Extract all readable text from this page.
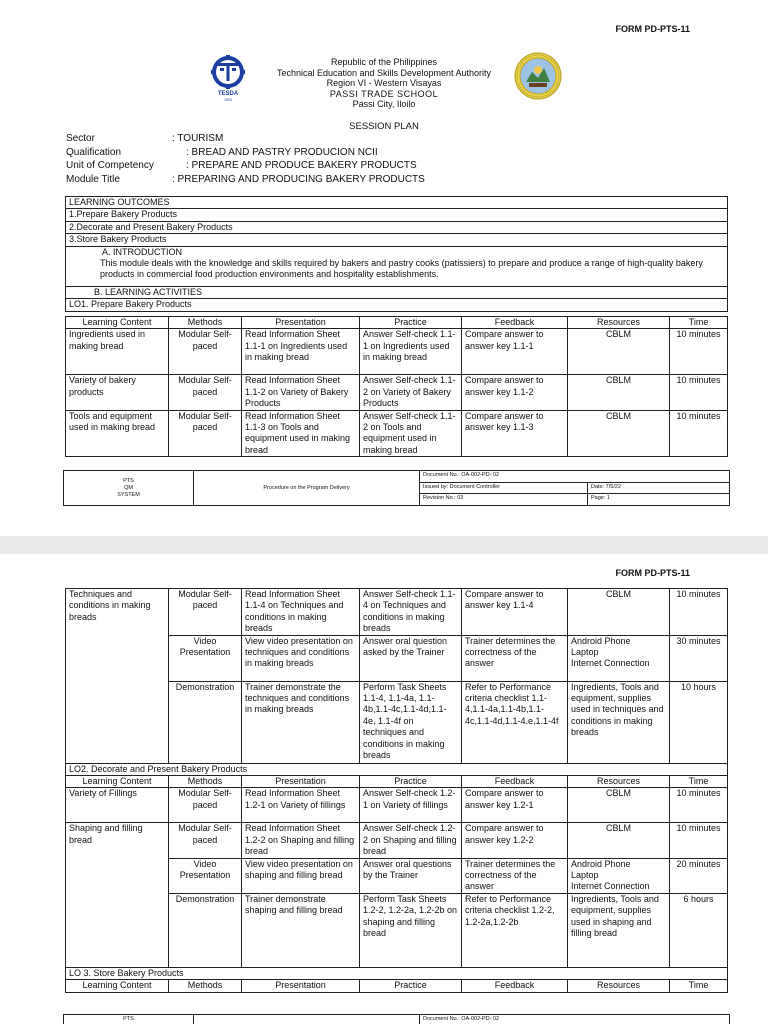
FORM PD-PTS-11
TESDA
1993
Republic of the Philippines
Technical Education and Skills Development Authority
Region VI - Western Visayas
PASSI TRADE SCHOOL
Passi City, Iloilo
SESSION PLAN
Sector	: TOURISM
Qualification	: BREAD AND PASTRY PRODUCION NCII
Unit of Competency	: PREPARE AND PRODUCE BAKERY PRODUCTS
Module Title	: PREPARING AND PRODUCING BAKERY PRODUCTS
LEARNING OUTCOMES
1.Prepare Bakery Products
2.Decorate and Present Bakery Products
3.Store Bakery Products

A. INTRODUCTION
This module deals with the knowledge and skills required by bakers and pastry cooks (patissiers) to prepare and produce a range of high-quality bakery products in commercial food production environments and hospitality establishments.

B. LEARNING ACTIVITIES
LO1. Prepare Bakery Products
Learning Content	Methods	Presentation	Practice	Feedback	Resources	Time
Ingredients used in making bread	Modular Self-paced	Read Information Sheet 1.1-1 on Ingredients used in making bread	Answer Self-check 1.1-1 on Ingredients used in making bread	Compare answer to answer key 1.1-1	CBLM	10 minutes
Variety of bakery products	Modular Self-paced	Read Information Sheet 1.1-2 on Variety of Bakery Products	Answer Self-check 1.1-2 on Variety of Bakery Products	Compare answer to answer key 1.1-2	CBLM	10 minutes
Tools and equipment used in making bread	Modular Self-paced	Read Information Sheet 1.1-3 on Tools and equipment used in making bread	Answer Self-check 1.1-2 on Tools and equipment used in making bread	Compare answer to answer key 1.1-3	CBLM	10 minutes
PTS
QM
SYSTEM	Procedure on the Program Delivery	Document No.: OA-002-PD- 02	
		Issued by: Document Controller	Date: 7/5/22
		Revision No.: 03	Page: 1
FORM PD-PTS-11
Techniques and conditions in making breads	Modular Self-paced	Read Information Sheet 1.1-4 on Techniques and conditions in making breads	Answer Self-check 1.1-4 on Techniques and conditions in making breads	Compare answer to answer key 1.1-4	CBLM	10 minutes
	Video Presentation	View video presentation on techniques and conditions in making breads	Answer oral question asked by the Trainer	Trainer determines the correctness of the answer	Android Phone
Laptop
Internet Connection	30 minutes
	Demonstration	Trainer demonstrate the techniques and conditions in making breads	Perform Task Sheets 1.1-4, 1.1-4a, 1.1-4b,1.1-4c,1.1-4d,1.1-4e, 1.1-4f on techniques and conditions in making breads	Refer to Performance criteria checklist 1.1-4,1.1-4a,1.1-4b,1.1-4c,1.1-4d,1.1-4.e,1.1-4f	Ingredients, Tools and equipment, supplies used in techniques and conditions in making breads	10 hours
LO2. Decorate and Present Bakery Products						
Learning Content	Methods	Presentation	Practice	Feedback	Resources	Time
Variety of Fillings	Modular Self-paced	Read Information Sheet 1.2-1 on Variety of fillings	Answer Self-check 1.2-1 on Variety of fillings	Compare answer to answer key 1.2-1	CBLM	10 minutes
Shaping and filling bread	Modular Self-paced	Read Information Sheet 1.2-2 on Shaping and filling bread	Answer Self-check 1.2-2 on Shaping and filling bread	Compare answer to answer key 1.2-2	CBLM	10 minutes
	Video Presentation	View video presentation on shaping and filling bread	Answer oral questions by the Trainer	Trainer determines the correctness of the answer	Android Phone
Laptop
Internet Connection	20 minutes
	Demonstration	Trainer demonstrate shaping and filling bread	Perform Task Sheets 1.2-2, 1.2-2a, 1.2-2b on shaping and filling bread	Refer to Performance criteria checklist 1.2-2, 1.2-2a,1.2-2b	Ingredients, Tools and equipment, supplies used in shaping and filling bread	6 hours
LO 3. Store Bakery Products						
Learning Content	Methods	Presentation	Practice	Feedback	Resources	Time
PTS		Document No.: OA-002-PD- 02
